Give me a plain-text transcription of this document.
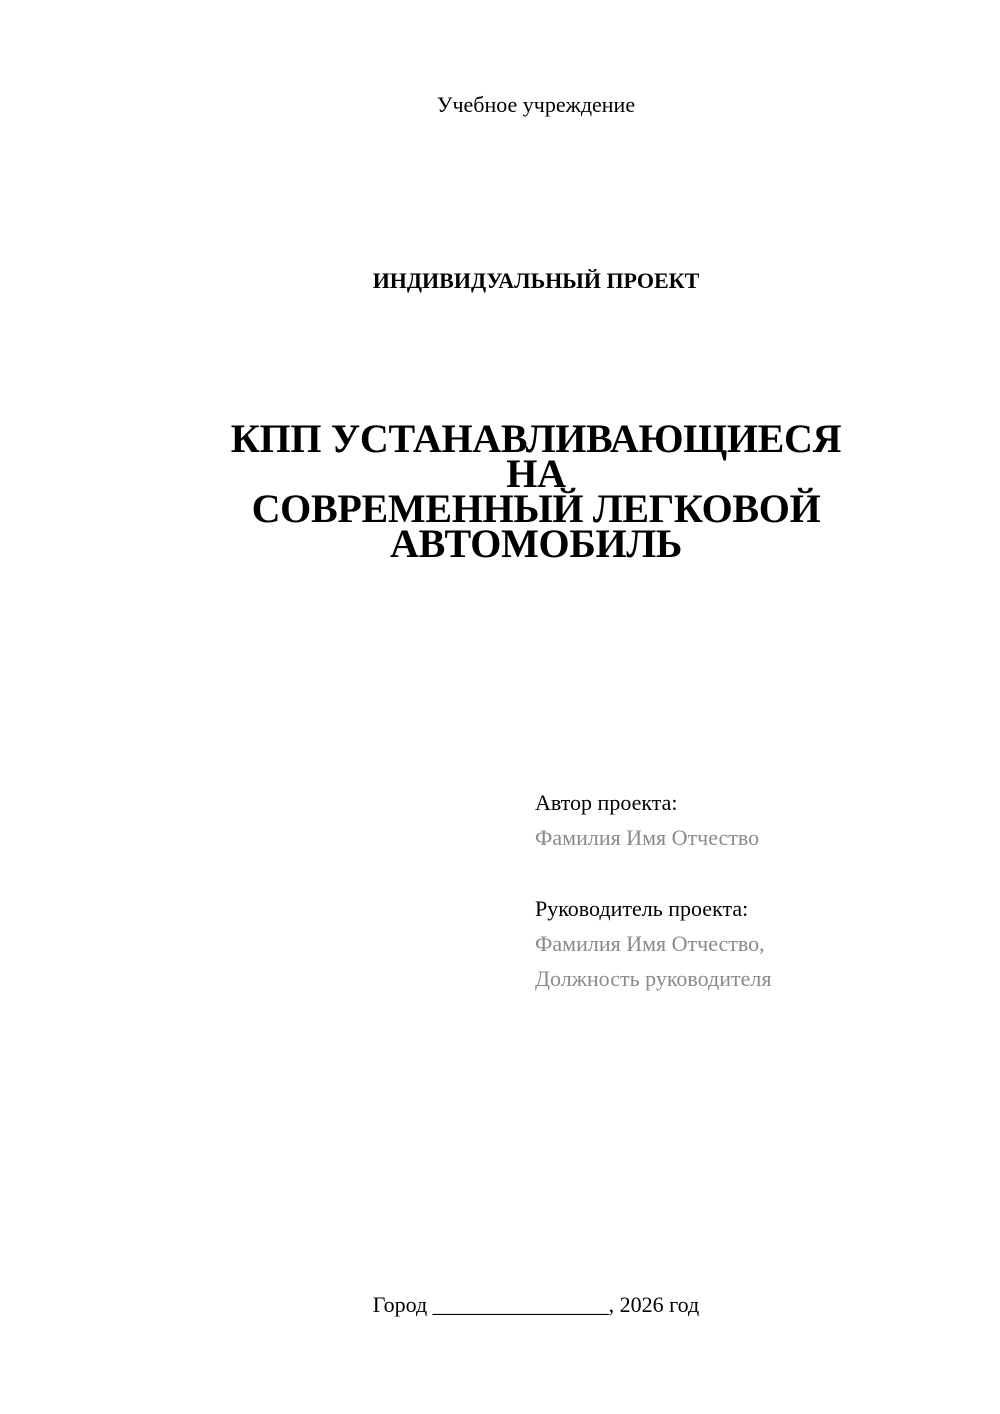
Учебное учреждение
ИНДИВИДУАЛЬНЫЙ ПРОЕКТ
КПП УСТАНАВЛИВАЮЩИЕСЯ НА
СОВРЕМЕННЫЙ ЛЕГКОВОЙ
АВТОМОБИЛЬ
Автор проекта:
Фамилия Имя Отчество
Руководитель проекта:
Фамилия Имя Отчество,
Должность руководителя
Город ________________, 2026 год
